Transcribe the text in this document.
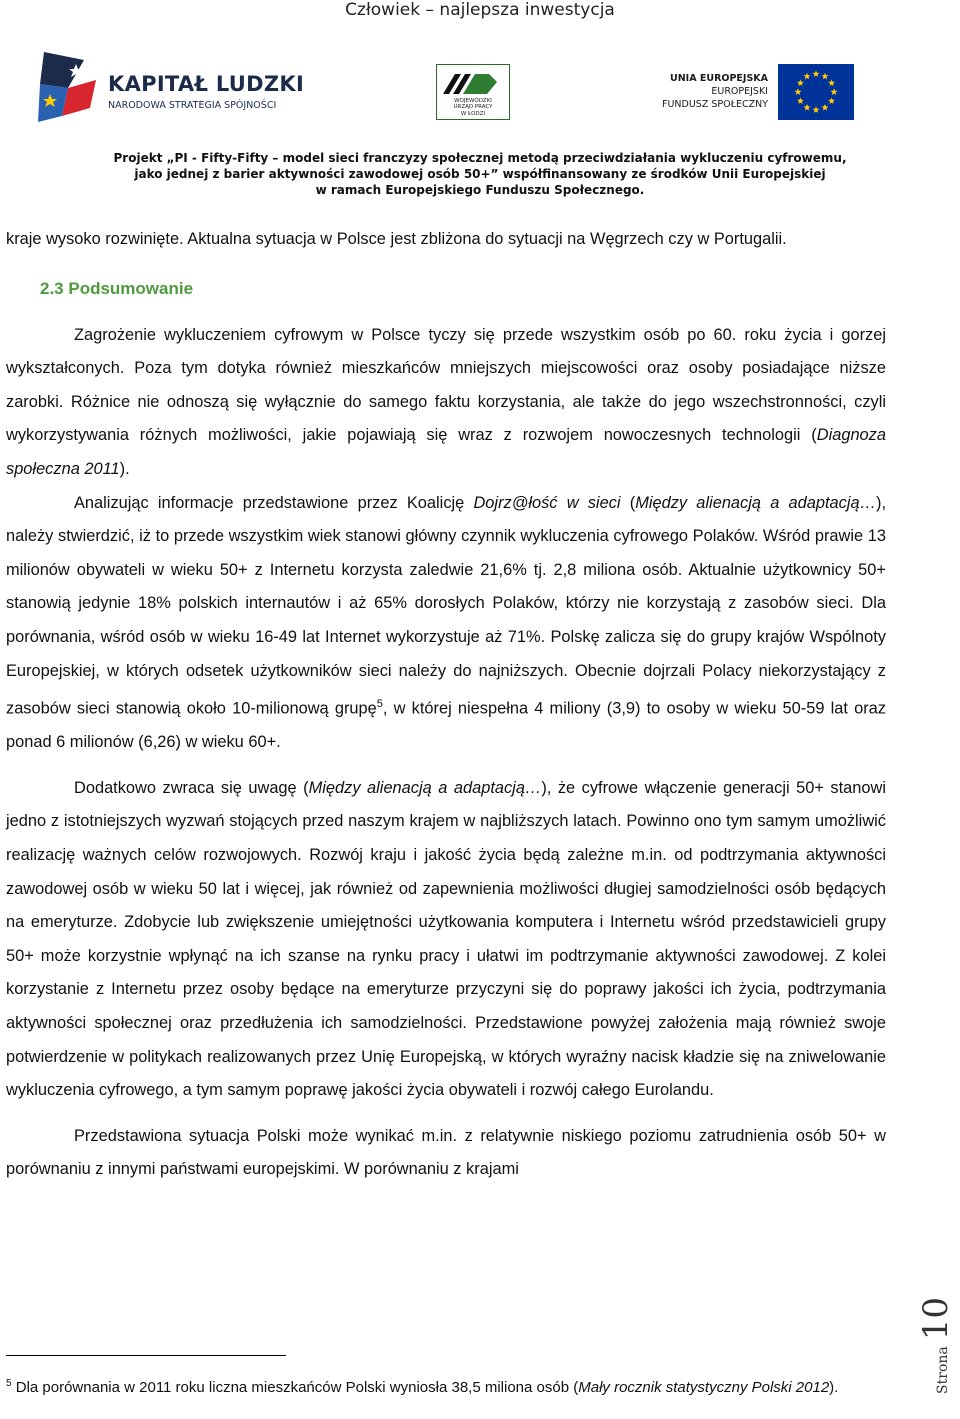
Człowiek – najlepsza inwestycja
KAPITAŁ LUDZKI
NARODOWA STRATEGIA SPÓJNOŚCI	WOJEWÓDZKI
URZĄD PRACY
W ŁODZI
UNIA EUROPEJSKA
EUROPEJSKI
FUNDUSZ SPOŁECZNY
Projekt „PI - Fifty-Fifty – model sieci franczyzy społecznej metodą przeciwdziałania wykluczeniu cyfrowemu,
jako jednej z barier aktywności zawodowej osób 50+” współfinansowany ze środków Unii Europejskiej
w ramach Europejskiego Funduszu Społecznego.

kraje wysoko rozwinięte. Aktualna sytuacja w Polsce jest zbliżona do sytuacji na Węgrzech czy w Portugalii.

2.3 Podsumowanie

Zagrożenie wykluczeniem cyfrowym w Polsce tyczy się przede wszystkim osób po 60. roku życia i gorzej wykształconych. Poza tym dotyka również mieszkańców mniejszych miejscowości oraz osoby posiadające niższe zarobki. Różnice nie odnoszą się wyłącznie do samego faktu korzystania, ale także do jego wszechstronności, czyli wykorzystywania różnych możliwości, jakie pojawiają się wraz z rozwojem nowoczesnych technologii (Diagnoza społeczna 2011).

Analizując informacje przedstawione przez Koalicję Dojrz@łość w sieci (Między alienacją a adaptacją…), należy stwierdzić, iż to przede wszystkim wiek stanowi główny czynnik wykluczenia cyfrowego Polaków. Wśród prawie 13 milionów obywateli w wieku 50+ z Internetu korzysta zaledwie 21,6% tj. 2,8 miliona osób. Aktualnie użytkownicy 50+ stanowią jedynie 18% polskich internautów i aż 65% dorosłych Polaków, którzy nie korzystają z zasobów sieci. Dla porównania, wśród osób w wieku 16-49 lat Internet wykorzystuje aż 71%. Polskę zalicza się do grupy krajów Wspólnoty Europejskiej, w których odsetek użytkowników sieci należy do najniższych. Obecnie dojrzali Polacy niekorzystający z zasobów sieci stanowią około 10-milionową grupę$^5$, w której niespełna 4 miliony (3,9) to osoby w wieku 50-59 lat oraz ponad 6 milionów (6,26) w wieku 60+.

Dodatkowo zwraca się uwagę (Między alienacją a adaptacją…), że cyfrowe włączenie generacji 50+ stanowi jedno z istotniejszych wyzwań stojących przed naszym krajem w najbliższych latach. Powinno ono tym samym umożliwić realizację ważnych celów rozwojowych. Rozwój kraju i jakość życia będą zależne m.in. od podtrzymania aktywności zawodowej osób w wieku 50 lat i więcej, jak również od zapewnienia możliwości długiej samodzielności osób będących na emeryturze. Zdobycie lub zwiększenie umiejętności użytkowania komputera i Internetu wśród przedstawicieli grupy 50+ może korzystnie wpłynąć na ich szanse na rynku pracy i ułatwi im podtrzymanie aktywności zawodowej. Z kolei korzystanie z Internetu przez osoby będące na emeryturze przyczyni się do poprawy jakości ich życia, podtrzymania aktywności społecznej oraz przedłużenia ich samodzielności. Przedstawione powyżej założenia mają również swoje potwierdzenie w politykach realizowanych przez Unię Europejską, w których wyraźny nacisk kładzie się na zniwelowanie wykluczenia cyfrowego, a tym samym poprawę jakości życia obywateli i rozwój całego Eurolandu.

Przedstawiona sytuacja Polski może wynikać m.in. z relatywnie niskiego poziomu zatrudnienia osób 50+ w porównaniu z innymi państwami europejskimi. W porównaniu z krajami

$^5$ Dla porównania w 2011 roku liczna mieszkańców Polski wyniosła 38,5 miliona osób (Mały rocznik statystyczny Polski 2012).	Strona
10
